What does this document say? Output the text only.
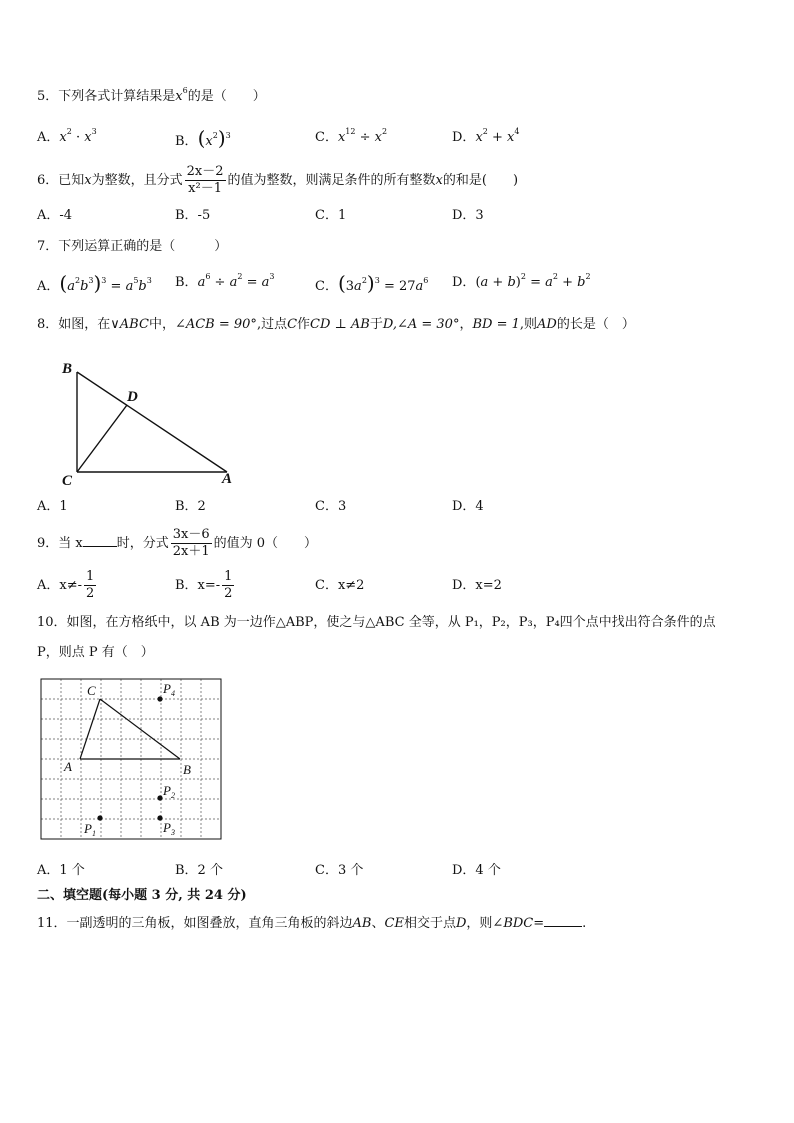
5．下列各式计算结果是$x^6$的是（　　）
A．$x^2 \cdot x^3$
B．$(x^2)^3$	C．$x^{12} \div x^2$	D．$x^2 + x^4$
6．已知x为整数，且分式 $\frac{2x-2}{\text{x²－1}}$ 的值为整数，则满足条件的所有整数x的和是(　　)
A．-4	B．-5	C．1	D．3
7．下列运算正确的是（　　　）
A．$(a^2b^3)^3 = a^5b^3$ B．$a^6 \div a^2 = a^3$
C．$(3a^2)^3 = 27a^6$ D．$(a + b)^2 = a^2 + b^2$
8．如图，在∨ABC中，∠ACB = 90°,过点C作CD ⊥ AB于D,∠A = 30°，BD = 1,则AD的长是（　）
B
D
C	A
A．1	B．2	C．3	D．4
9．当 x	时，分式 $\frac{3x-6}{2x+1}$ 的值为 0（　　）
A．$x\ne- \frac{1}{2}$	B．$x=- \frac{1}{2}$	C．x≠2	D．x=2
10．如图，在方格纸中，以 AB 为一边作△ABP，使之与△ABC 全等，从 P₁，P₂，P₃，P₄四个点中找出符合条件的点
P，则点 P 有（　）
C
A	B
$P_4$
$P_2$
$P_1$	$P_3$
A．1 个	B．2 个	C．3 个	D．4 个
二、填空题(每小题 3 分, 共 24 分)
11．一副透明的三角板，如图叠放，直角三角板的斜边AB、CE相交于点D，则∠BDC=	.
